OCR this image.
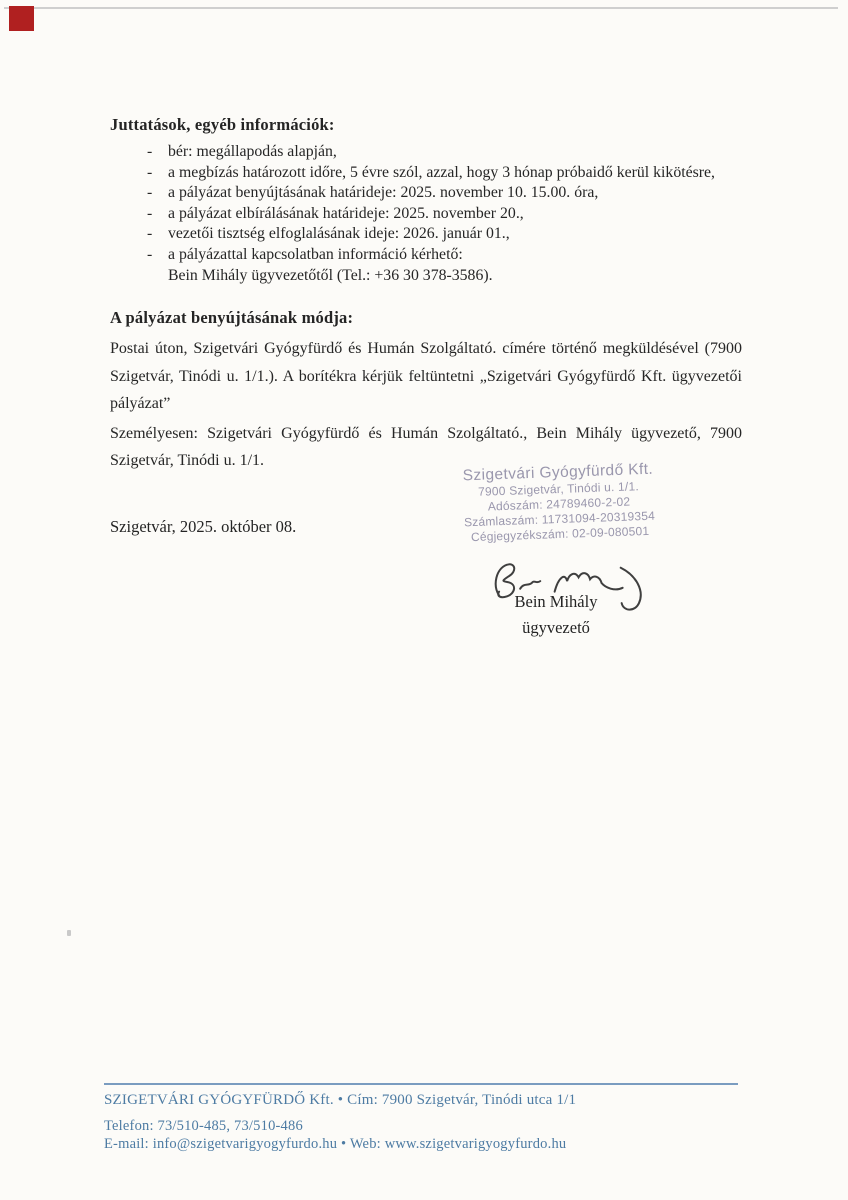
Juttatások, egyéb információk:
- bér: megállapodás alapján,
- a megbízás határozott időre, 5 évre szól, azzal, hogy 3 hónap próbaidő kerül kikötésre,
- a pályázat benyújtásának határideje: 2025. november 10. 15.00. óra,
- a pályázat elbírálásának határideje: 2025. november 20.,
- vezetői tisztség elfoglalásának ideje: 2026. január 01.,
- a pályázattal kapcsolatban információ kérhető:
Bein Mihály ügyvezetőtől (Tel.: +36 30 378-3586).
A pályázat benyújtásának módja:

Postai úton, Szigetvári Gyógyfürdő és Humán Szolgáltató. címére történő megküldésével (7900 Szigetvár, Tinódi u. 1/1.). A borítékra kérjük feltüntetni „Szigetvári Gyógyfürdő Kft. ügyvezetői pályázat”

Személyesen: Szigetvári Gyógyfürdő és Humán Szolgáltató., Bein Mihály ügyvezető, 7900 Szigetvár, Tinódi u. 1/1.	Szigetvári Gyógyfürdő Kft.
7900 Szigetvár, Tinódi u. 1/1.
Adószám: 24789460-2-02
Számlaszám: 11731094-20319354
Cégjegyzékszám: 02-09-080501
Szigetvár, 2025. október 08.
Bein Mihály
ügyvezető
SZIGETVÁRI GYÓGYFÜRDŐ Kft. • Cím: 7900 Szigetvár, Tinódi utca 1/1
Telefon: 73/510-485, 73/510-486
E-mail: info@szigetvarigyogyfurdo.hu • Web: www.szigetvarigyogyfurdo.hu
